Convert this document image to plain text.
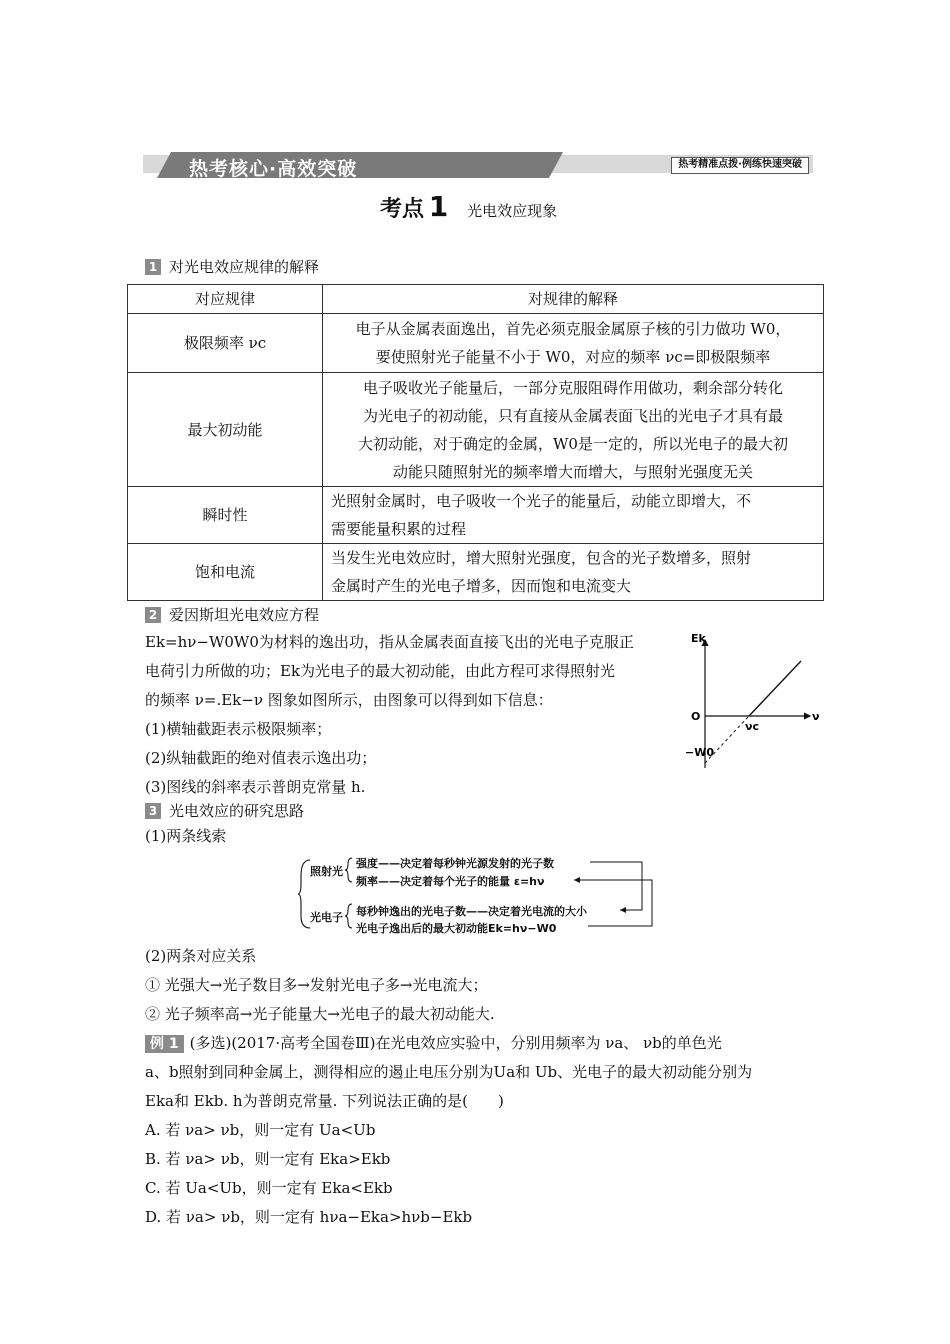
热考核心·高效突破	热考精准点拨·例练快速突破
考点 1 光电效应现象
1 对光电效应规律的解释
对应规律	对规律的解释
极限频率 νc	电子从金属表面逸出，首先必须克服金属原子核的引力做功 W0，
要使照射光子能量不小于 W0，对应的频率 νc=即极限频率

最大初动能	电子吸收光子能量后，一部分克服阻碍作用做功，剩余部分转化
为光电子的初动能，只有直接从金属表面飞出的光电子才具有最
大初动能，对于确定的金属，W0是一定的，所以光电子的最大初
动能只随照射光的频率增大而增大，与照射光强度无关

瞬时性	光照射金属时，电子吸收一个光子的能量后，动能立即增大，不
需要能量积累的过程

饱和电流	当发生光电效应时，增大照射光强度，包含的光子数增多，照射
金属时产生的光电子增多，因而饱和电流变大
2 爱因斯坦光电效应方程
Ek=hν−W0W0为材料的逸出功，指从金属表面直接飞出的光电子克服正
电荷引力所做的功；Ek为光电子的最大初动能，由此方程可求得照射光
的频率 ν=.Ek−ν 图象如图所示，由图象可以得到如下信息：
(1)横轴截距表示极限频率；
(2)纵轴截距的绝对值表示逸出功；
(3)图线的斜率表示普朗克常量 h.
Ek
O	ν
νc
−W0
3 光电效应的研究思路
(1)两条线索
照射光
光电子
强度——决定着每秒钟光源发射的光子数
频率——决定着每个光子的能量 ε=hν
每秒钟逸出的光电子数——决定着光电流的大小
光电子逸出后的最大初动能Ek=hν−W0
(2)两条对应关系
① 光强大→光子数目多→发射光电子多→光电流大；
② 光子频率高→光子能量大→光电子的最大初动能大.
例 1 (多选)(2017·高考全国卷Ⅲ)在光电效应实验中，分别用频率为 νa、 νb的单色光
a、b照射到同种金属上，测得相应的遏止电压分别为Ua和 Ub、光电子的最大初动能分别为
Eka和 Ekb. h为普朗克常量. 下列说法正确的是(　　)
A. 若 νa> νb，则一定有 Ua<Ub
B. 若 νa> νb，则一定有 Eka>Ekb
C. 若 Ua<Ub，则一定有 Eka<Ekb
D. 若 νa> νb，则一定有 hνa−Eka>hνb−Ekb
